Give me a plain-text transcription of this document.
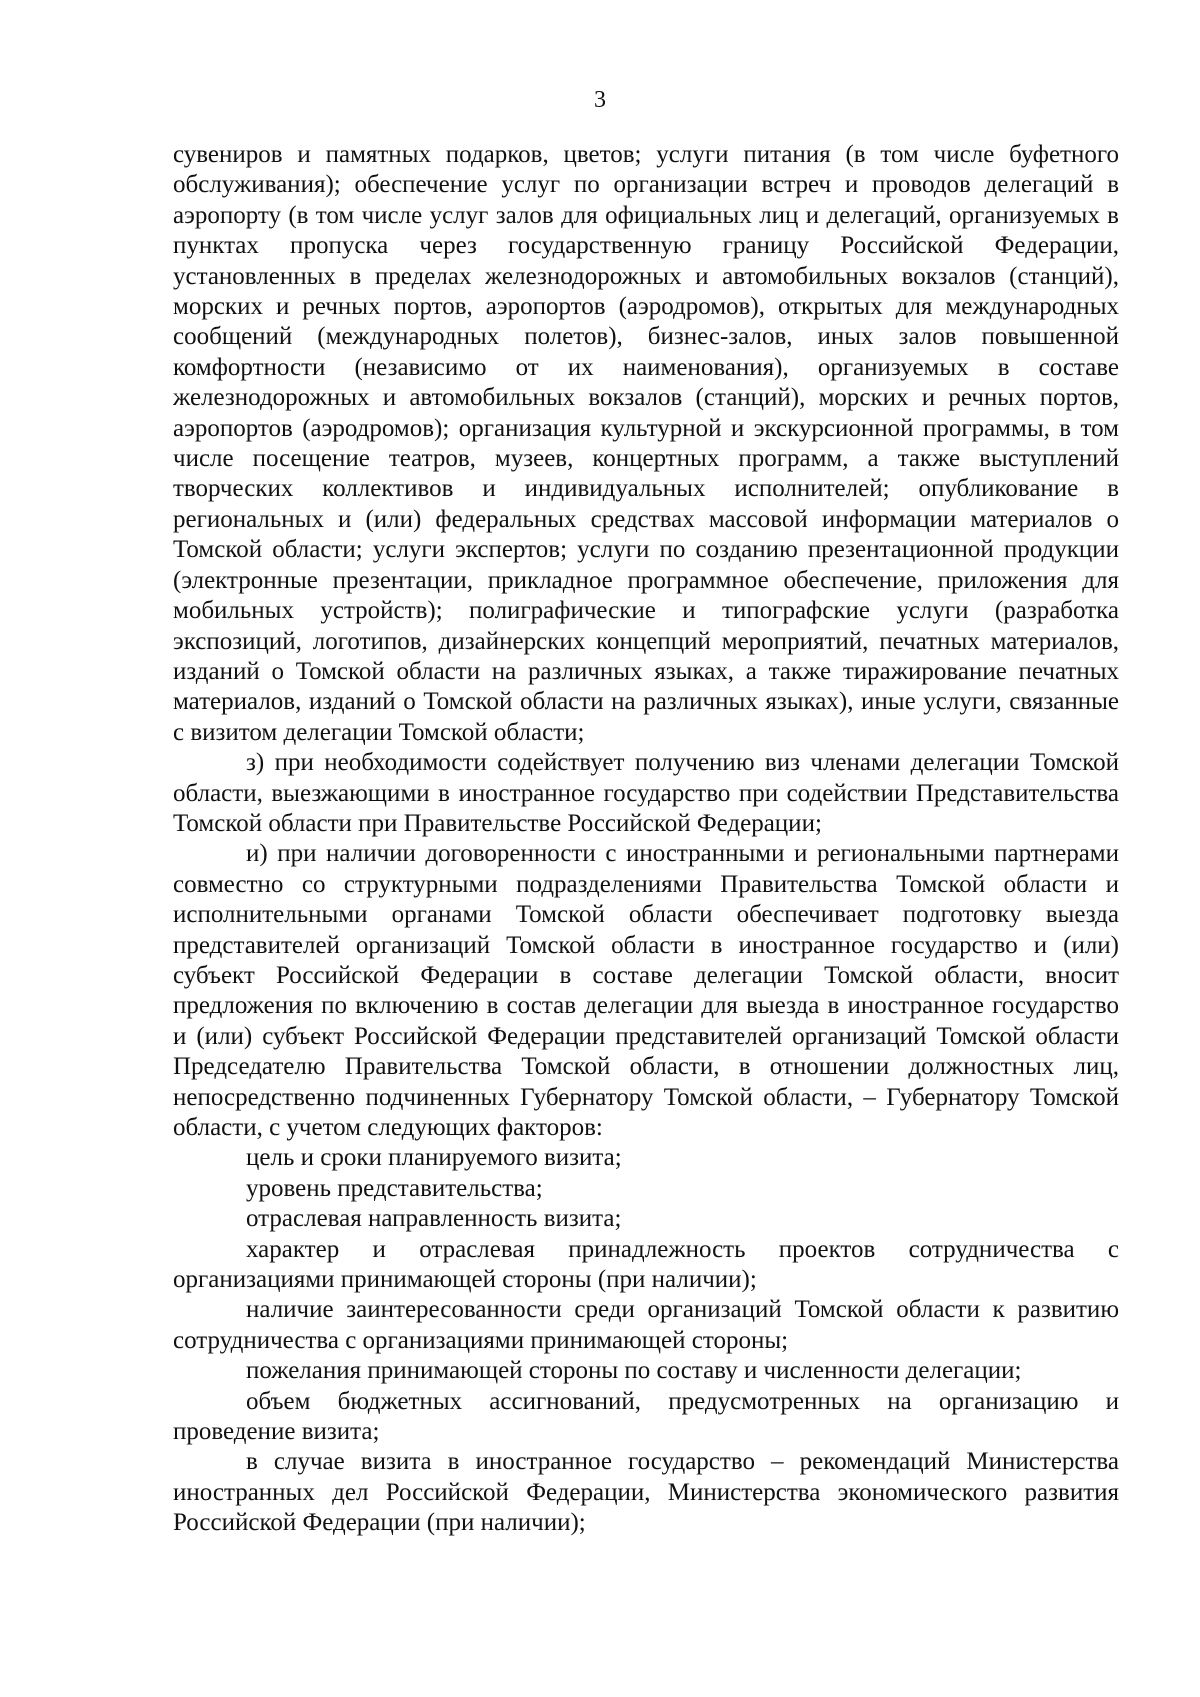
3

сувениров и памятных подарков, цветов; услуги питания (в том числе буфетного обслуживания); обеспечение услуг по организации встреч и проводов делегаций в аэропорту (в том числе услуг залов для официальных лиц и делегаций, организуемых в пунктах пропуска через государственную границу Российской Федерации, установленных в пределах железнодорожных и автомобильных вокзалов (станций), морских и речных портов, аэропортов (аэродромов), открытых для международных сообщений (международных полетов), бизнес-залов, иных залов повышенной комфортности (независимо от их наименования), организуемых в составе железнодорожных и автомобильных вокзалов (станций), морских и речных портов, аэропортов (аэродромов); организация культурной и экскурсионной программы, в том числе посещение театров, музеев, концертных программ, а также выступлений творческих коллективов и индивидуальных исполнителей; опубликование в региональных и (или) федеральных средствах массовой информации материалов о Томской области; услуги экспертов; услуги по созданию презентационной продукции (электронные презентации, прикладное программное обеспечение, приложения для мобильных устройств); полиграфические и типографские услуги (разработка экспозиций, логотипов, дизайнерских концепций мероприятий, печатных материалов, изданий о Томской области на различных языках, а также тиражирование печатных материалов, изданий о Томской области на различных языках), иные услуги, связанные с визитом делегации Томской области;

з) при необходимости содействует получению виз членами делегации Томской области, выезжающими в иностранное государство при содействии Представительства Томской области при Правительстве Российской Федерации;

и) при наличии договоренности с иностранными и региональными партнерами совместно со структурными подразделениями Правительства Томской области и исполнительными органами Томской области обеспечивает подготовку выезда представителей организаций Томской области в иностранное государство и (или) субъект Российской Федерации в составе делегации Томской области, вносит предложения по включению в состав делегации для выезда в иностранное государство и (или) субъект Российской Федерации представителей организаций Томской области Председателю Правительства Томской области, в отношении должностных лиц, непосредственно подчиненных Губернатору Томской области, – Губернатору Томской области, с учетом следующих факторов:

цель и сроки планируемого визита;

уровень представительства;

отраслевая направленность визита;

характер и отраслевая принадлежность проектов сотрудничества с организациями принимающей стороны (при наличии);

наличие заинтересованности среди организаций Томской области к развитию сотрудничества с организациями принимающей стороны;

пожелания принимающей стороны по составу и численности делегации;

объем бюджетных ассигнований, предусмотренных на организацию и проведение визита;

в случае визита в иностранное государство – рекомендаций Министерства иностранных дел Российской Федерации, Министерства экономического развития Российской Федерации (при наличии);
